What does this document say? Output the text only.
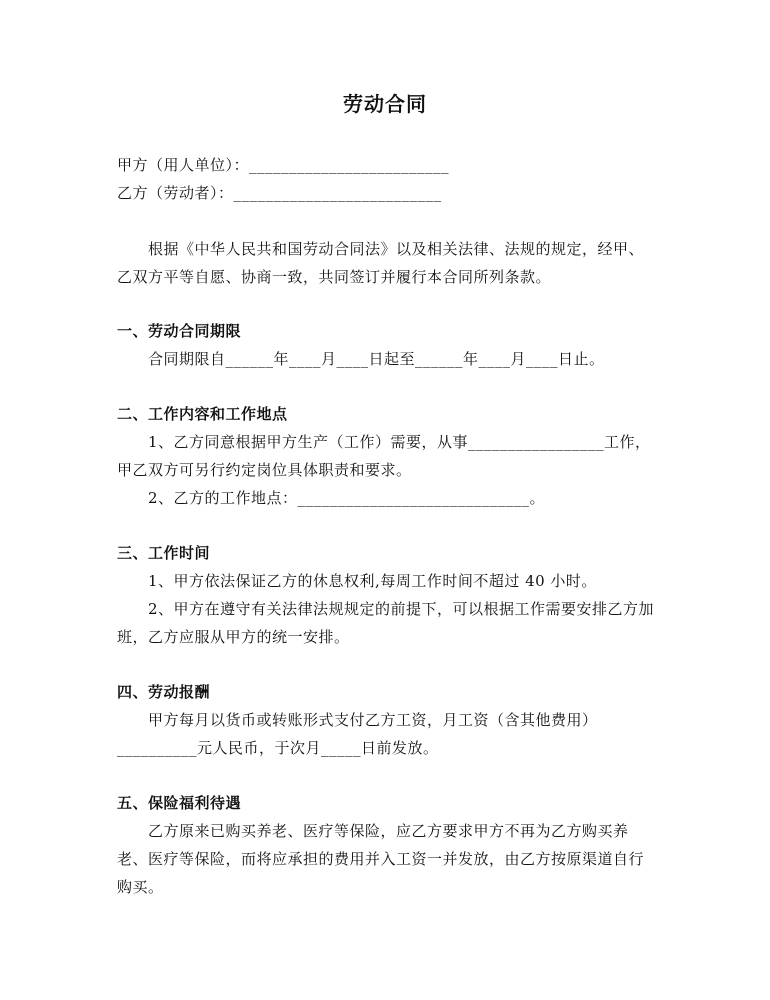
劳动合同
甲方（用人单位）：_________________________
乙方（劳动者）：__________________________
根据《中华人民共和国劳动合同法》以及相关法律、法规的规定，经甲、
乙双方平等自愿、协商一致，共同签订并履行本合同所列条款。
一、劳动合同期限
合同期限自______年____月____日起至______年____月____日止。
二、工作内容和工作地点
1、乙方同意根据甲方生产（工作）需要，从事_________________工作，
甲乙双方可另行约定岗位具体职责和要求。
2、乙方的工作地点：_____________________________。
三、工作时间
1、甲方依法保证乙方的休息权利,每周工作时间不超过 40 小时。
2、甲方在遵守有关法律法规规定的前提下，可以根据工作需要安排乙方加
班，乙方应服从甲方的统一安排。
四、劳动报酬
甲方每月以货币或转账形式支付乙方工资，月工资（含其他费用）
__________元人民币，于次月_____日前发放。
五、保险福利待遇
乙方原来已购买养老、医疗等保险，应乙方要求甲方不再为乙方购买养
老、医疗等保险，而将应承担的费用并入工资一并发放，由乙方按原渠道自行
购买。
